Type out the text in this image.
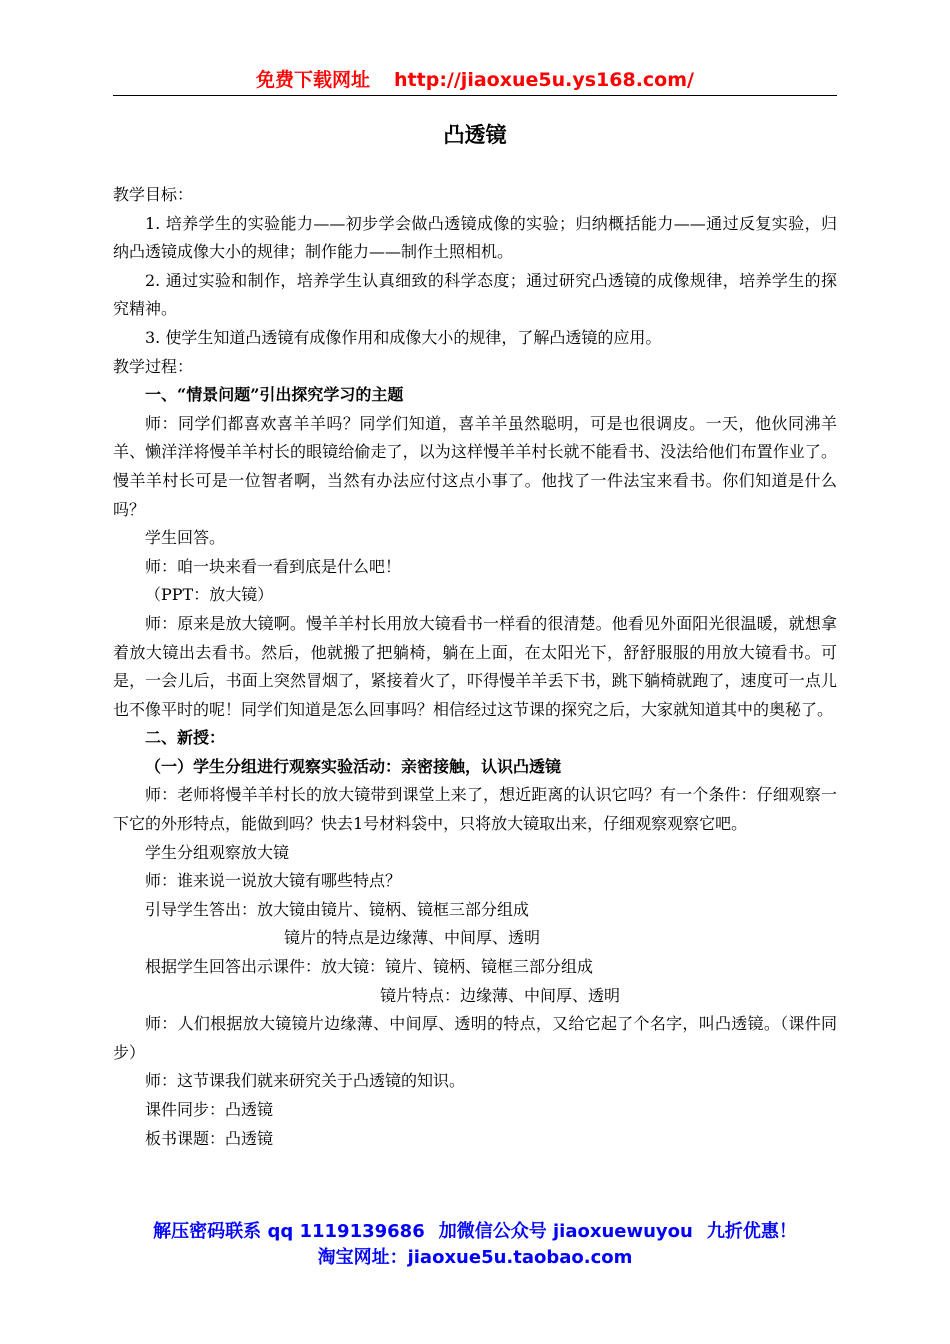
免费下载网址 http://jiaoxue5u.ys168.com/
凸透镜

教学目标：

1. 培养学生的实验能力——初步学会做凸透镜成像的实验；归纳概括能力——通过反复实验，归纳凸透镜成像大小的规律；制作能力——制作土照相机。

2. 通过实验和制作，培养学生认真细致的科学态度；通过研究凸透镜的成像规律，培养学生的探究精神。

3. 使学生知道凸透镜有成像作用和成像大小的规律，了解凸透镜的应用。

教学过程：

一、“情景问题”引出探究学习的主题

师：同学们都喜欢喜羊羊吗？同学们知道，喜羊羊虽然聪明，可是也很调皮。一天，他伙同沸羊羊、懒洋洋将慢羊羊村长的眼镜给偷走了，以为这样慢羊羊村长就不能看书、没法给他们布置作业了。慢羊羊村长可是一位智者啊，当然有办法应付这点小事了。他找了一件法宝来看书。你们知道是什么吗？

学生回答。

师：咱一块来看一看到底是什么吧！

（PPT：放大镜）

师：原来是放大镜啊。慢羊羊村长用放大镜看书一样看的很清楚。他看见外面阳光很温暖，就想拿着放大镜出去看书。然后，他就搬了把躺椅，躺在上面，在太阳光下，舒舒服服的用放大镜看书。可是，一会儿后，书面上突然冒烟了，紧接着火了，吓得慢羊羊丢下书，跳下躺椅就跑了，速度可一点儿也不像平时的呢！同学们知道是怎么回事吗？相信经过这节课的探究之后，大家就知道其中的奥秘了。

二、新授：

（一）学生分组进行观察实验活动：亲密接触，认识凸透镜

师：老师将慢羊羊村长的放大镜带到课堂上来了，想近距离的认识它吗？有一个条件：仔细观察一下它的外形特点，能做到吗？快去1号材料袋中，只将放大镜取出来，仔细观察观察它吧。

学生分组观察放大镜

师：谁来说一说放大镜有哪些特点？

引导学生答出：放大镜由镜片、镜柄、镜框三部分组成

镜片的特点是边缘薄、中间厚、透明

根据学生回答出示课件：放大镜：镜片、镜柄、镜框三部分组成

镜片特点：边缘薄、中间厚、透明

师：人们根据放大镜镜片边缘薄、中间厚、透明的特点，又给它起了个名字，叫凸透镜。（课件同步）

师：这节课我们就来研究关于凸透镜的知识。

课件同步：凸透镜

板书课题：凸透镜

解压密码联系 qq 1119139686 加微信公众号 jiaoxuewuyou 九折优惠！
淘宝网址：jiaoxue5u.taobao.com
